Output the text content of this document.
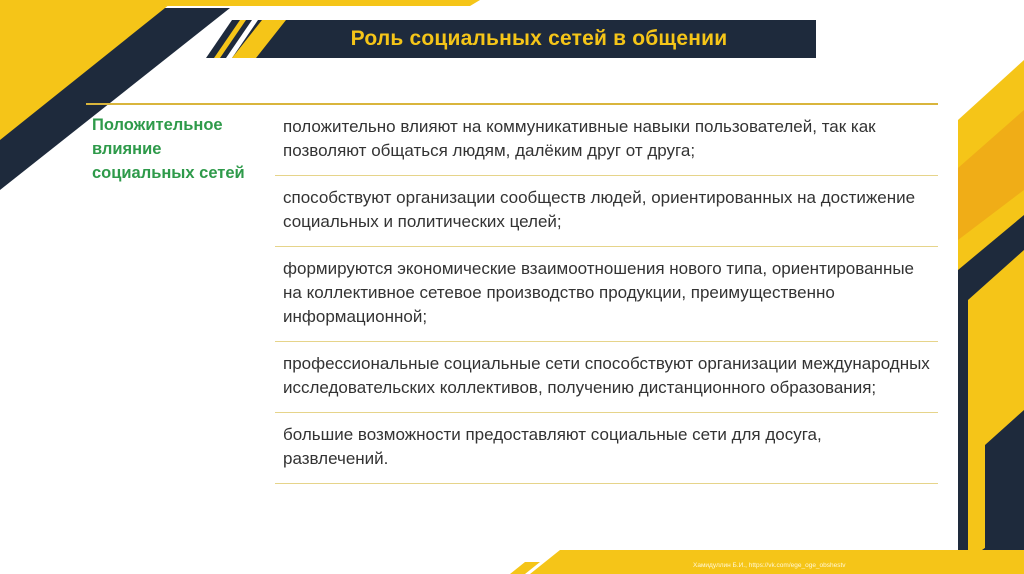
Роль социальных сетей в общении

Положительное влияние социальных сетей

положительно влияют на коммуникативные навыки пользователей, так как позволяют общаться людям, далёким друг от друга;
способствуют организации сообществ людей, ориентированных на достижение социальных и политических целей;
формируются экономические взаимоотношения нового типа, ориентированные на коллективное сетевое производство продукции, преимущественно информационной;
профессиональные социальные сети способствуют организации международных исследовательских коллективов, получению дистанционного образования;
большие возможности предоставляют социальные сети для досуга, развлечений.
Хамидуллин Б.И., https://vk.com/ege_oge_obshestv
